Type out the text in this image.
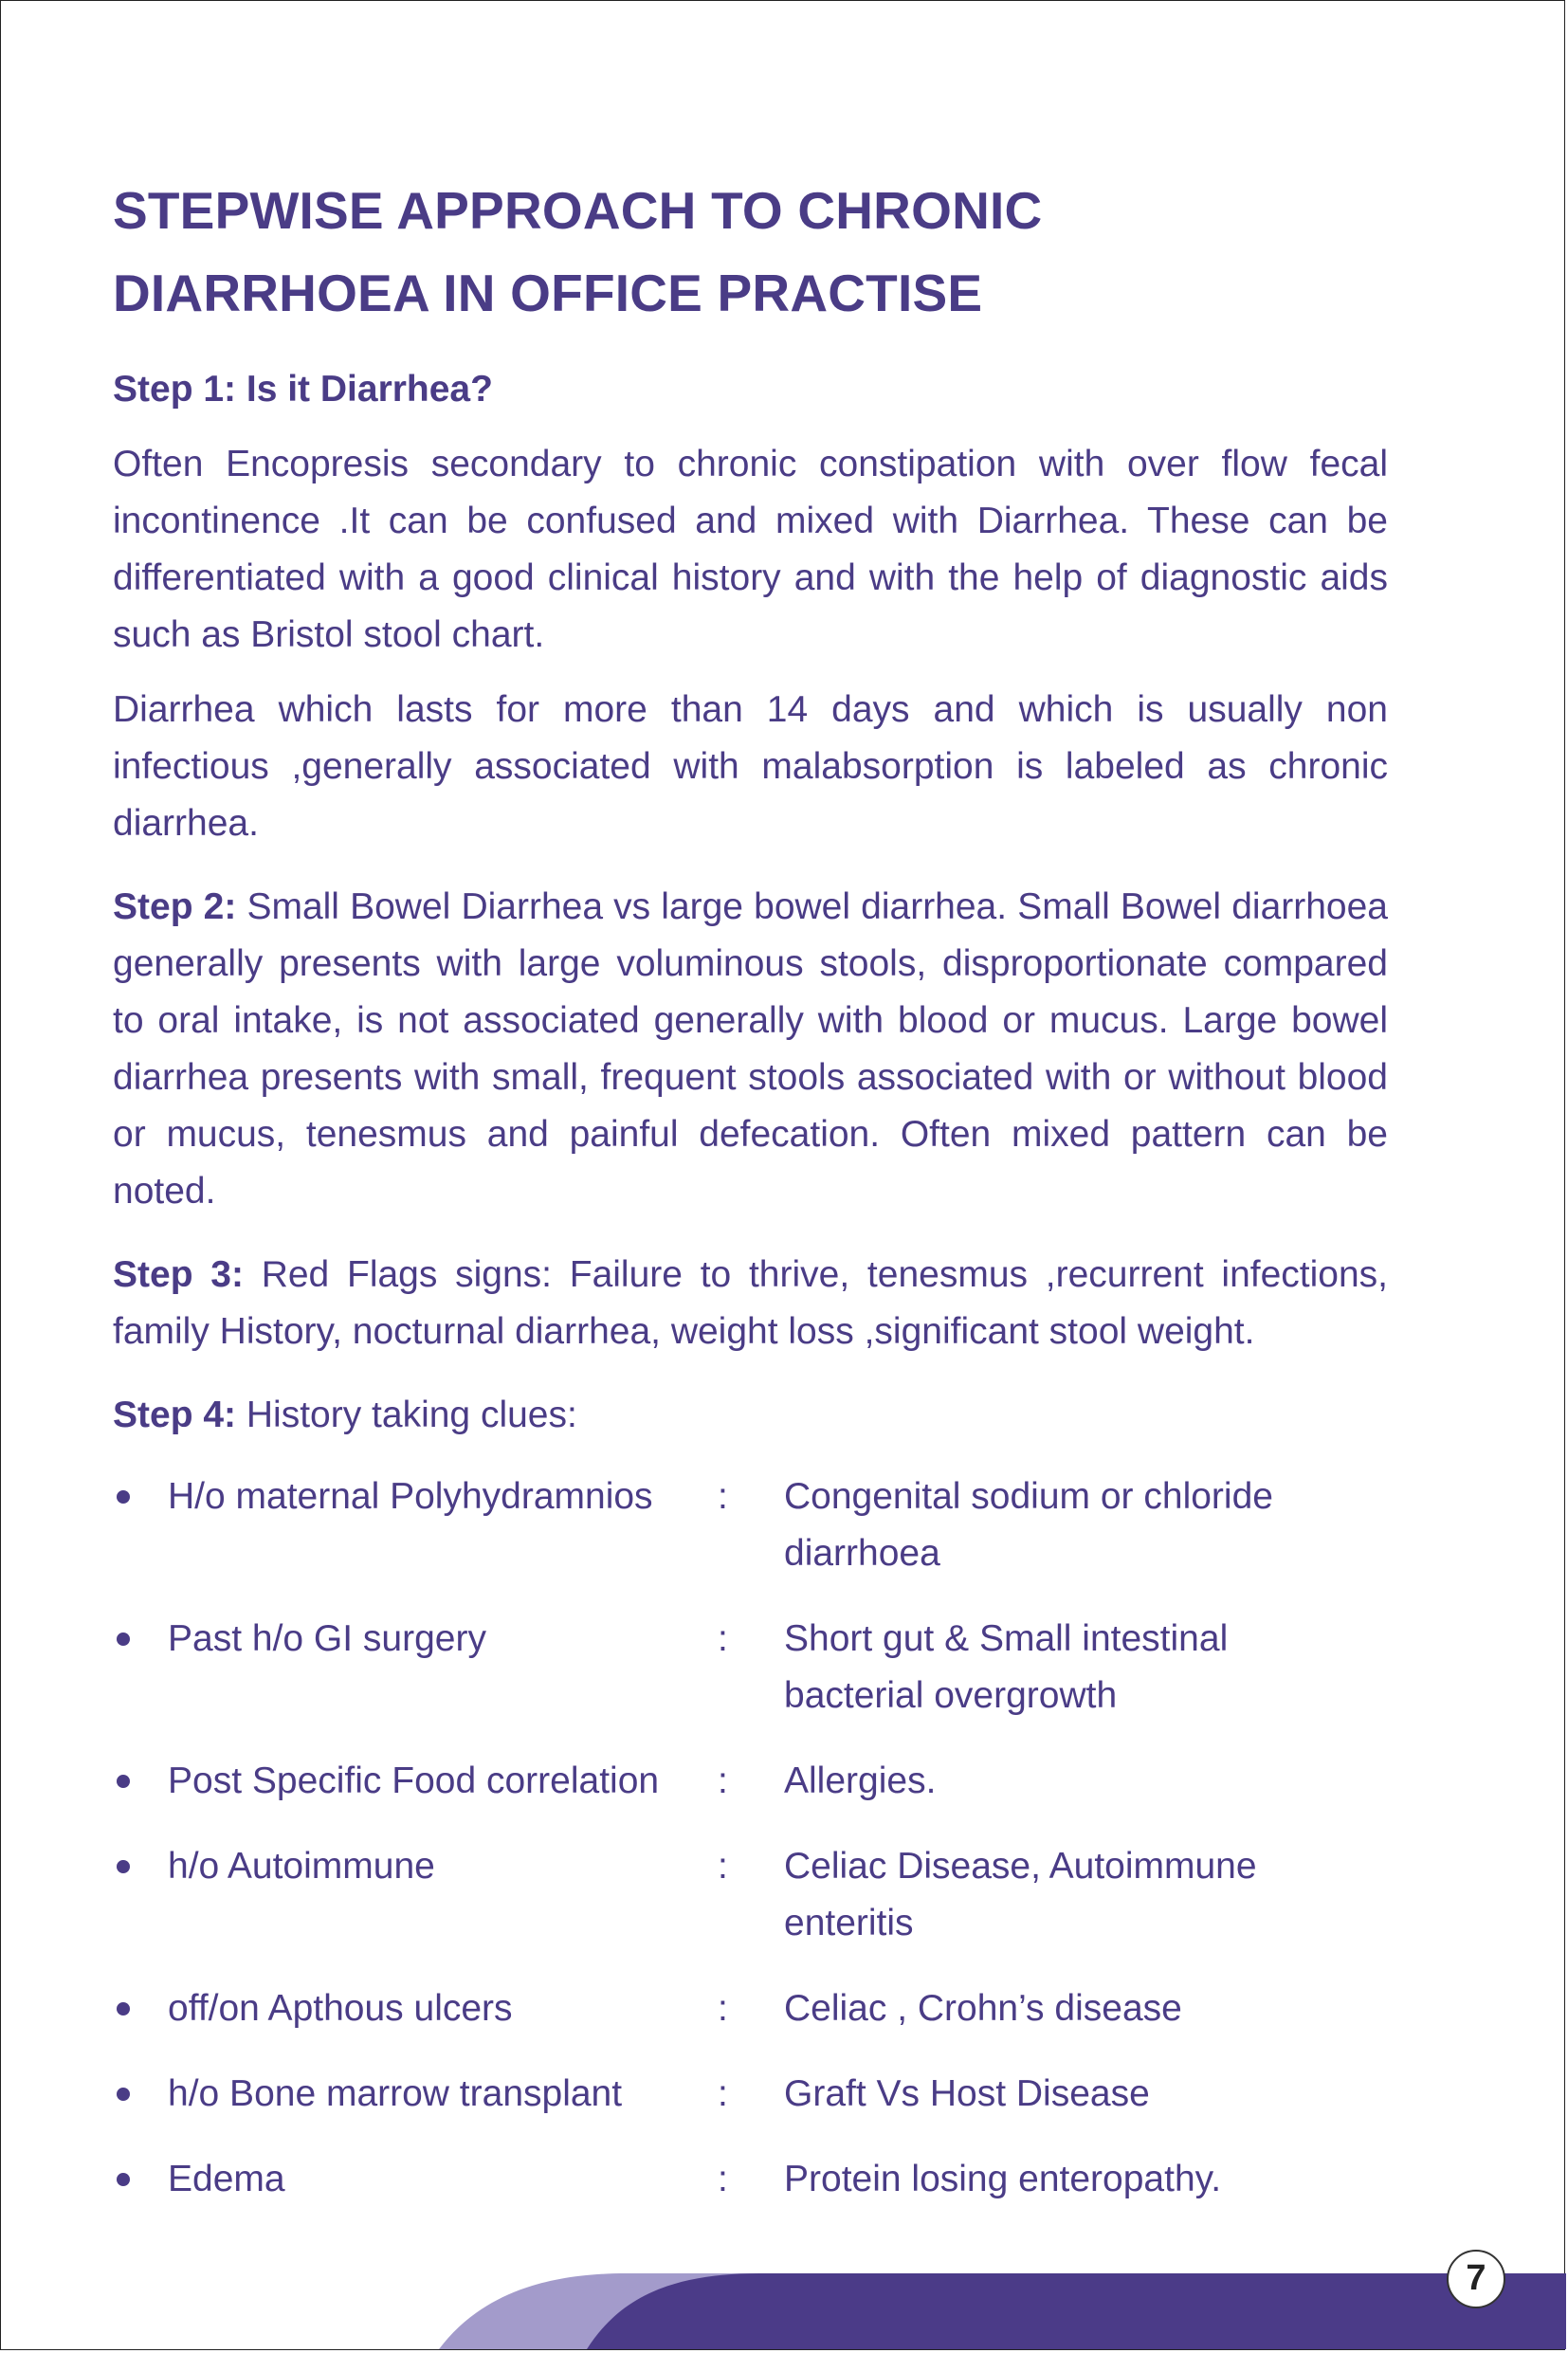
STEPWISE APPROACH TO CHRONIC
DIARRHOEA IN OFFICE PRACTISE
Step 1: Is it Diarrhea?

Often Encopresis secondary to chronic constipation with over flow fecal incontinence .It can be confused and mixed with Diarrhea. These can be differentiated with a good clinical history and with the help of diagnostic aids such as Bristol stool chart.

Diarrhea which lasts for more than 14 days and which is usually non infectious ,generally associated with malabsorption is labeled as chronic diarrhea.

Step 2: Small Bowel Diarrhea vs large bowel diarrhea. Small Bowel diarrhoea generally presents with large voluminous stools, disproportionate compared to oral intake, is not associated generally with blood or mucus. Large bowel diarrhea presents with small, frequent stools associated with or without blood or mucus, tenesmus and painful defecation. Often mixed pattern can be noted.

Step 3: Red Flags signs: Failure to thrive, tenesmus ,recurrent infections, family History, nocturnal diarrhea, weight loss ,significant stool weight.

Step 4: History taking clues:

H/o maternal Polyhydramnios	:	Congenital sodium or chloride diarrhoea
Past h/o GI surgery	:	Short gut & Small intestinal bacterial overgrowth
Post Specific Food correlation	:	Allergies.
h/o Autoimmune	:	Celiac Disease, Autoimmune enteritis
off/on Apthous ulcers	:	Celiac , Crohn’s disease
h/o Bone marrow transplant	:	Graft Vs Host Disease
Edema	:	Protein losing enteropathy.
7
